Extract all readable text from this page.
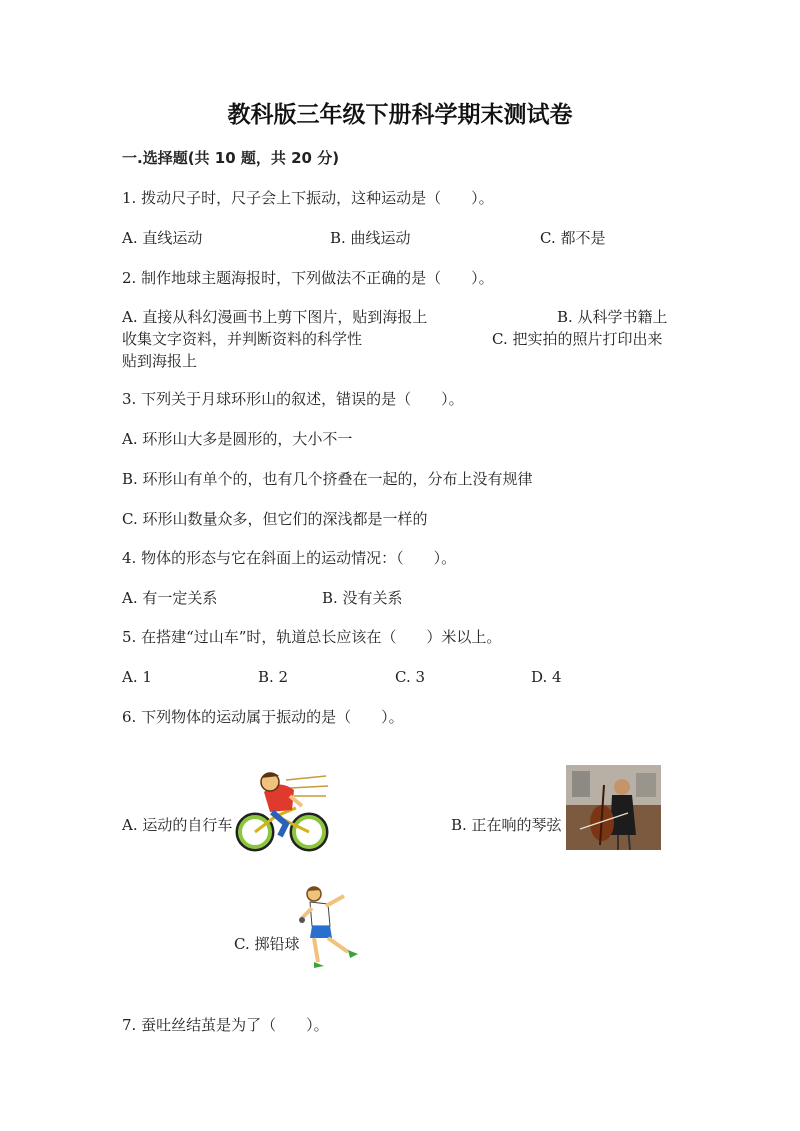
教科版三年级下册科学期末测试卷
一.选择题(共 10 题，共 20 分)
1. 拨动尺子时，尺子会上下振动，这种运动是（　　）。
A. 直线运动	B. 曲线运动	C. 都不是
2. 制作地球主题海报时，下列做法不正确的是（　　）。
A. 直接从科幻漫画书上剪下图片，贴到海报上	B. 从科学书籍上
收集文字资料，并判断资料的科学性	C. 把实拍的照片打印出来
贴到海报上
3. 下列关于月球环形山的叙述，错误的是（　　）。
A. 环形山大多是圆形的，大小不一
B. 环形山有单个的，也有几个挤叠在一起的，分布上没有规律
C. 环形山数量众多，但它们的深浅都是一样的
4. 物体的形态与它在斜面上的运动情况：（　　）。
A. 有一定关系	B. 没有关系
5. 在搭建“过山车”时，轨道总长应该在（　　）米以上。
A. 1	B. 2	C. 3	D. 4
6. 下列物体的运动属于振动的是（　　）。
A. 运动的自行车	B. 正在响的琴弦
C. 掷铅球
7. 蚕吐丝结茧是为了（　　）。
